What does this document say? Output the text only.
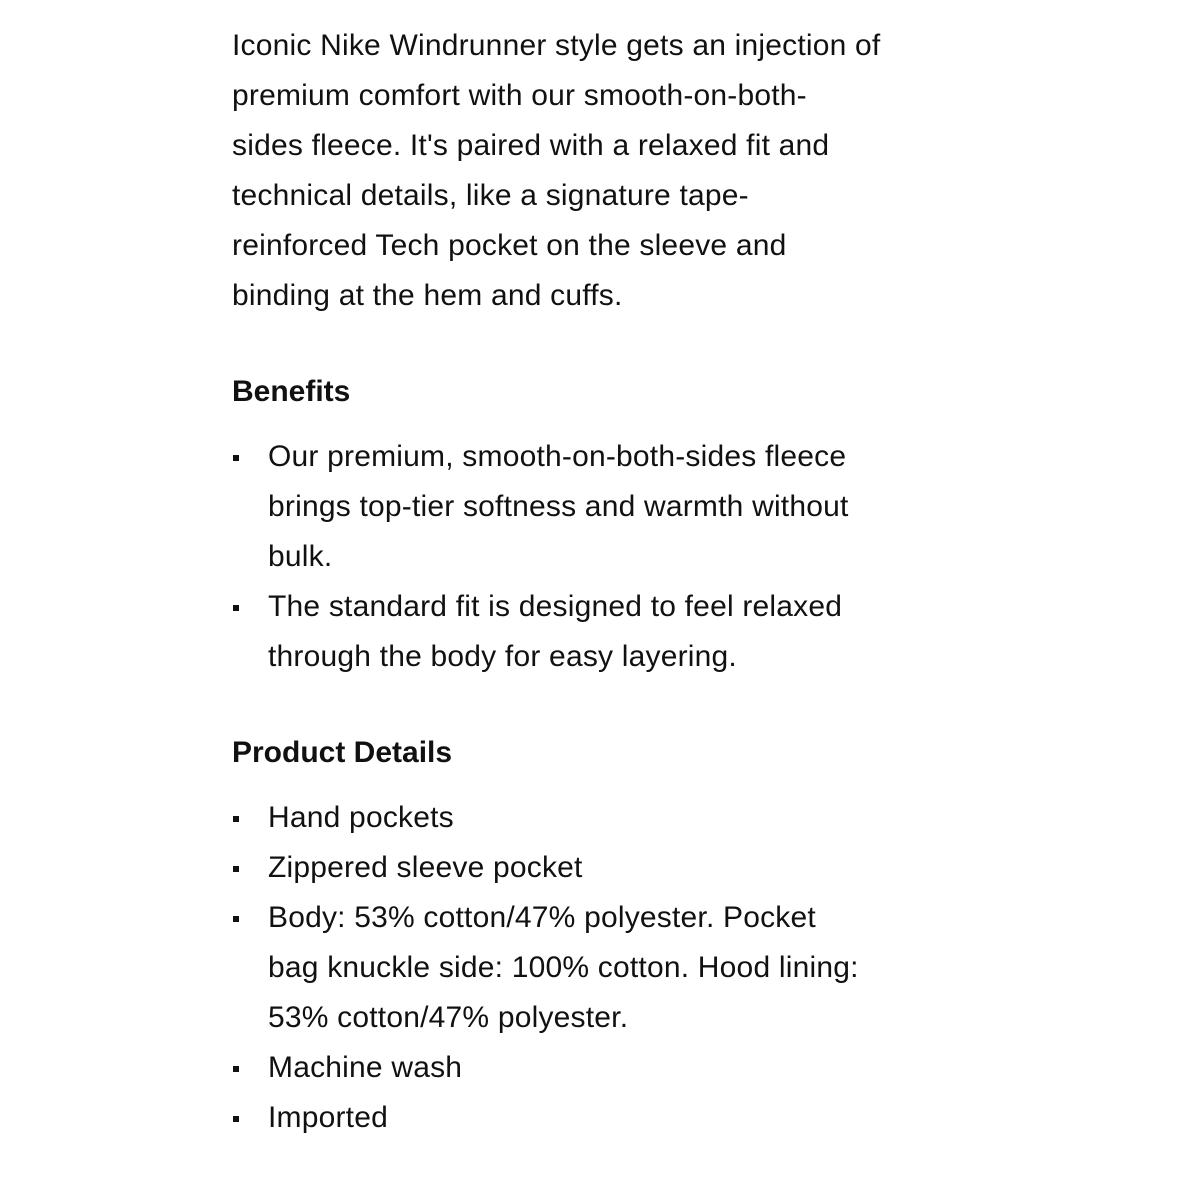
Iconic Nike Windrunner style gets an injection of
premium comfort with our smooth-on-both-
sides fleece. It's paired with a relaxed fit and
technical details, like a signature tape-
reinforced Tech pocket on the sleeve and
binding at the hem and cuffs.

Benefits
Our premium, smooth-on-both-sides fleece
brings top-tier softness and warmth without
bulk.
The standard fit is designed to feel relaxed
through the body for easy layering.
Product Details
Hand pockets
Zippered sleeve pocket
Body: 53% cotton/47% polyester. Pocket
bag knuckle side: 100% cotton. Hood lining:
53% cotton/47% polyester.
Machine wash
Imported
